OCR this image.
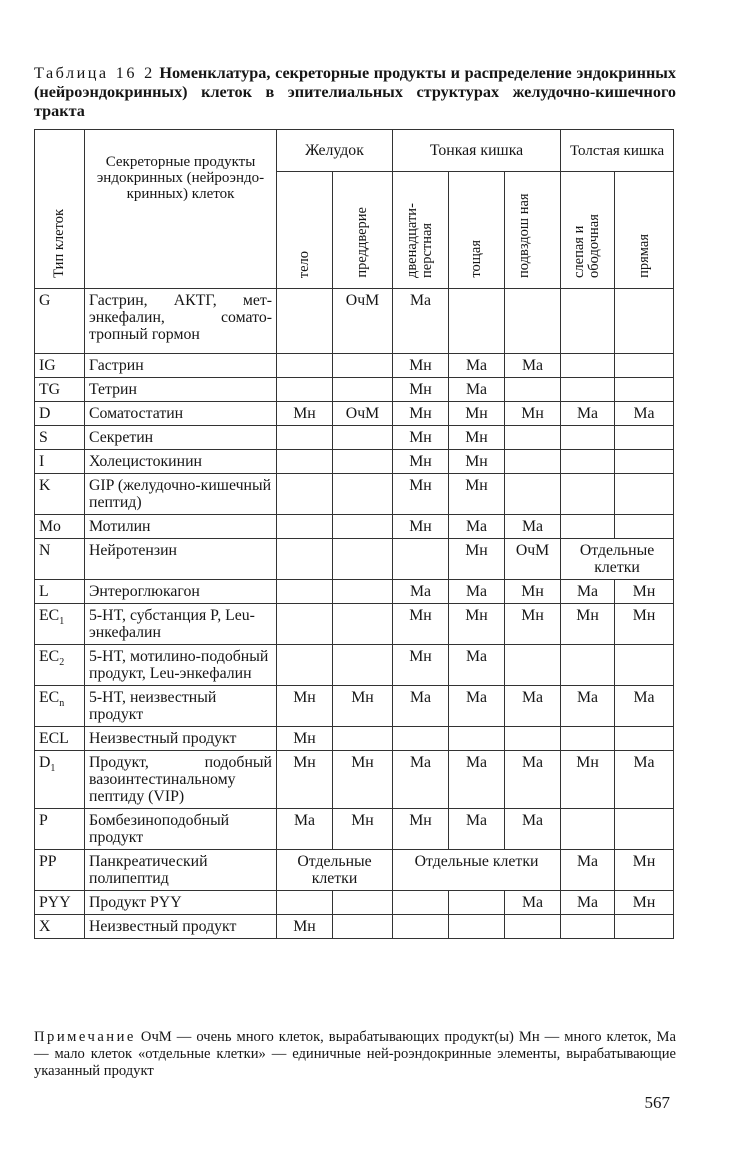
Таблица 16 2 Номенклатура, секреторные продукты и распределение эндокринных (нейроэндокринных) клеток в эпителиальных структурах желудочно-кишечного тракта
Тип клеток	Секреторные продукты эндокринных (нейроэндо-кринных) клеток	Желудок		Тонкая кишка			Толстая кишка	
		тело	преддверие	двенадцати-перстная	тощая	подвздош ная	слепая и ободочная	прямая
G	Гастрин, АКТГ, мет-энкефалин, сомато-тропный гормон		ОчМ	Ма				
IG	Гастрин			Мн	Ма	Ма		
TG	Тетрин			Мн	Ма			
D	Соматостатин	Мн	ОчМ	Мн	Мн	Мн	Ма	Ма
S	Секретин			Мн	Мн			
I	Холецистокинин			Мн	Мн			
K	GIP (желудочно-кишечный пептид)			Мн	Мн			
Mo	Мотилин			Мн	Ма	Ма		
N	Нейротензин				Мн	ОчМ	Отдельные клетки	
L	Энтероглюкагон			Ма	Ма	Мн	Ма	Мн
$EC_1$	5-HT, субстанция P, Leu-энкефалин			Мн	Мн	Мн	Мн	Мн
$EC_2$	5-HT, мотилино-подобный продукт, Leu-энкефалин			Мн	Ма			
$EC_n$	5-HT, неизвестный продукт	Мн	Мн	Ма	Ма	Ма	Ма	Ма
ECL	Неизвестный продукт	Мн						
$D_1$	Продукт, подобный вазоинтестинальному пептиду (VIP)	Мн	Мн	Ма	Ма	Ма	Мн	Ма
P	Бомбезиноподобный продукт	Ма	Мн	Мн	Ма	Ма		
PP	Панкреатический полипептид	Отдельные клетки		Отдельные клетки			Ма	Мн
PYY	Продукт PYY					Ма	Ма	Мн
X	Неизвестный продукт	Мн						
Примечание ОчМ — очень много клеток, вырабатывающих продукт(ы) Мн — много клеток, Ма — мало клеток «отдельные клетки» — единичные ней-роэндокринные элементы, вырабатывающие указанный продукт
567
